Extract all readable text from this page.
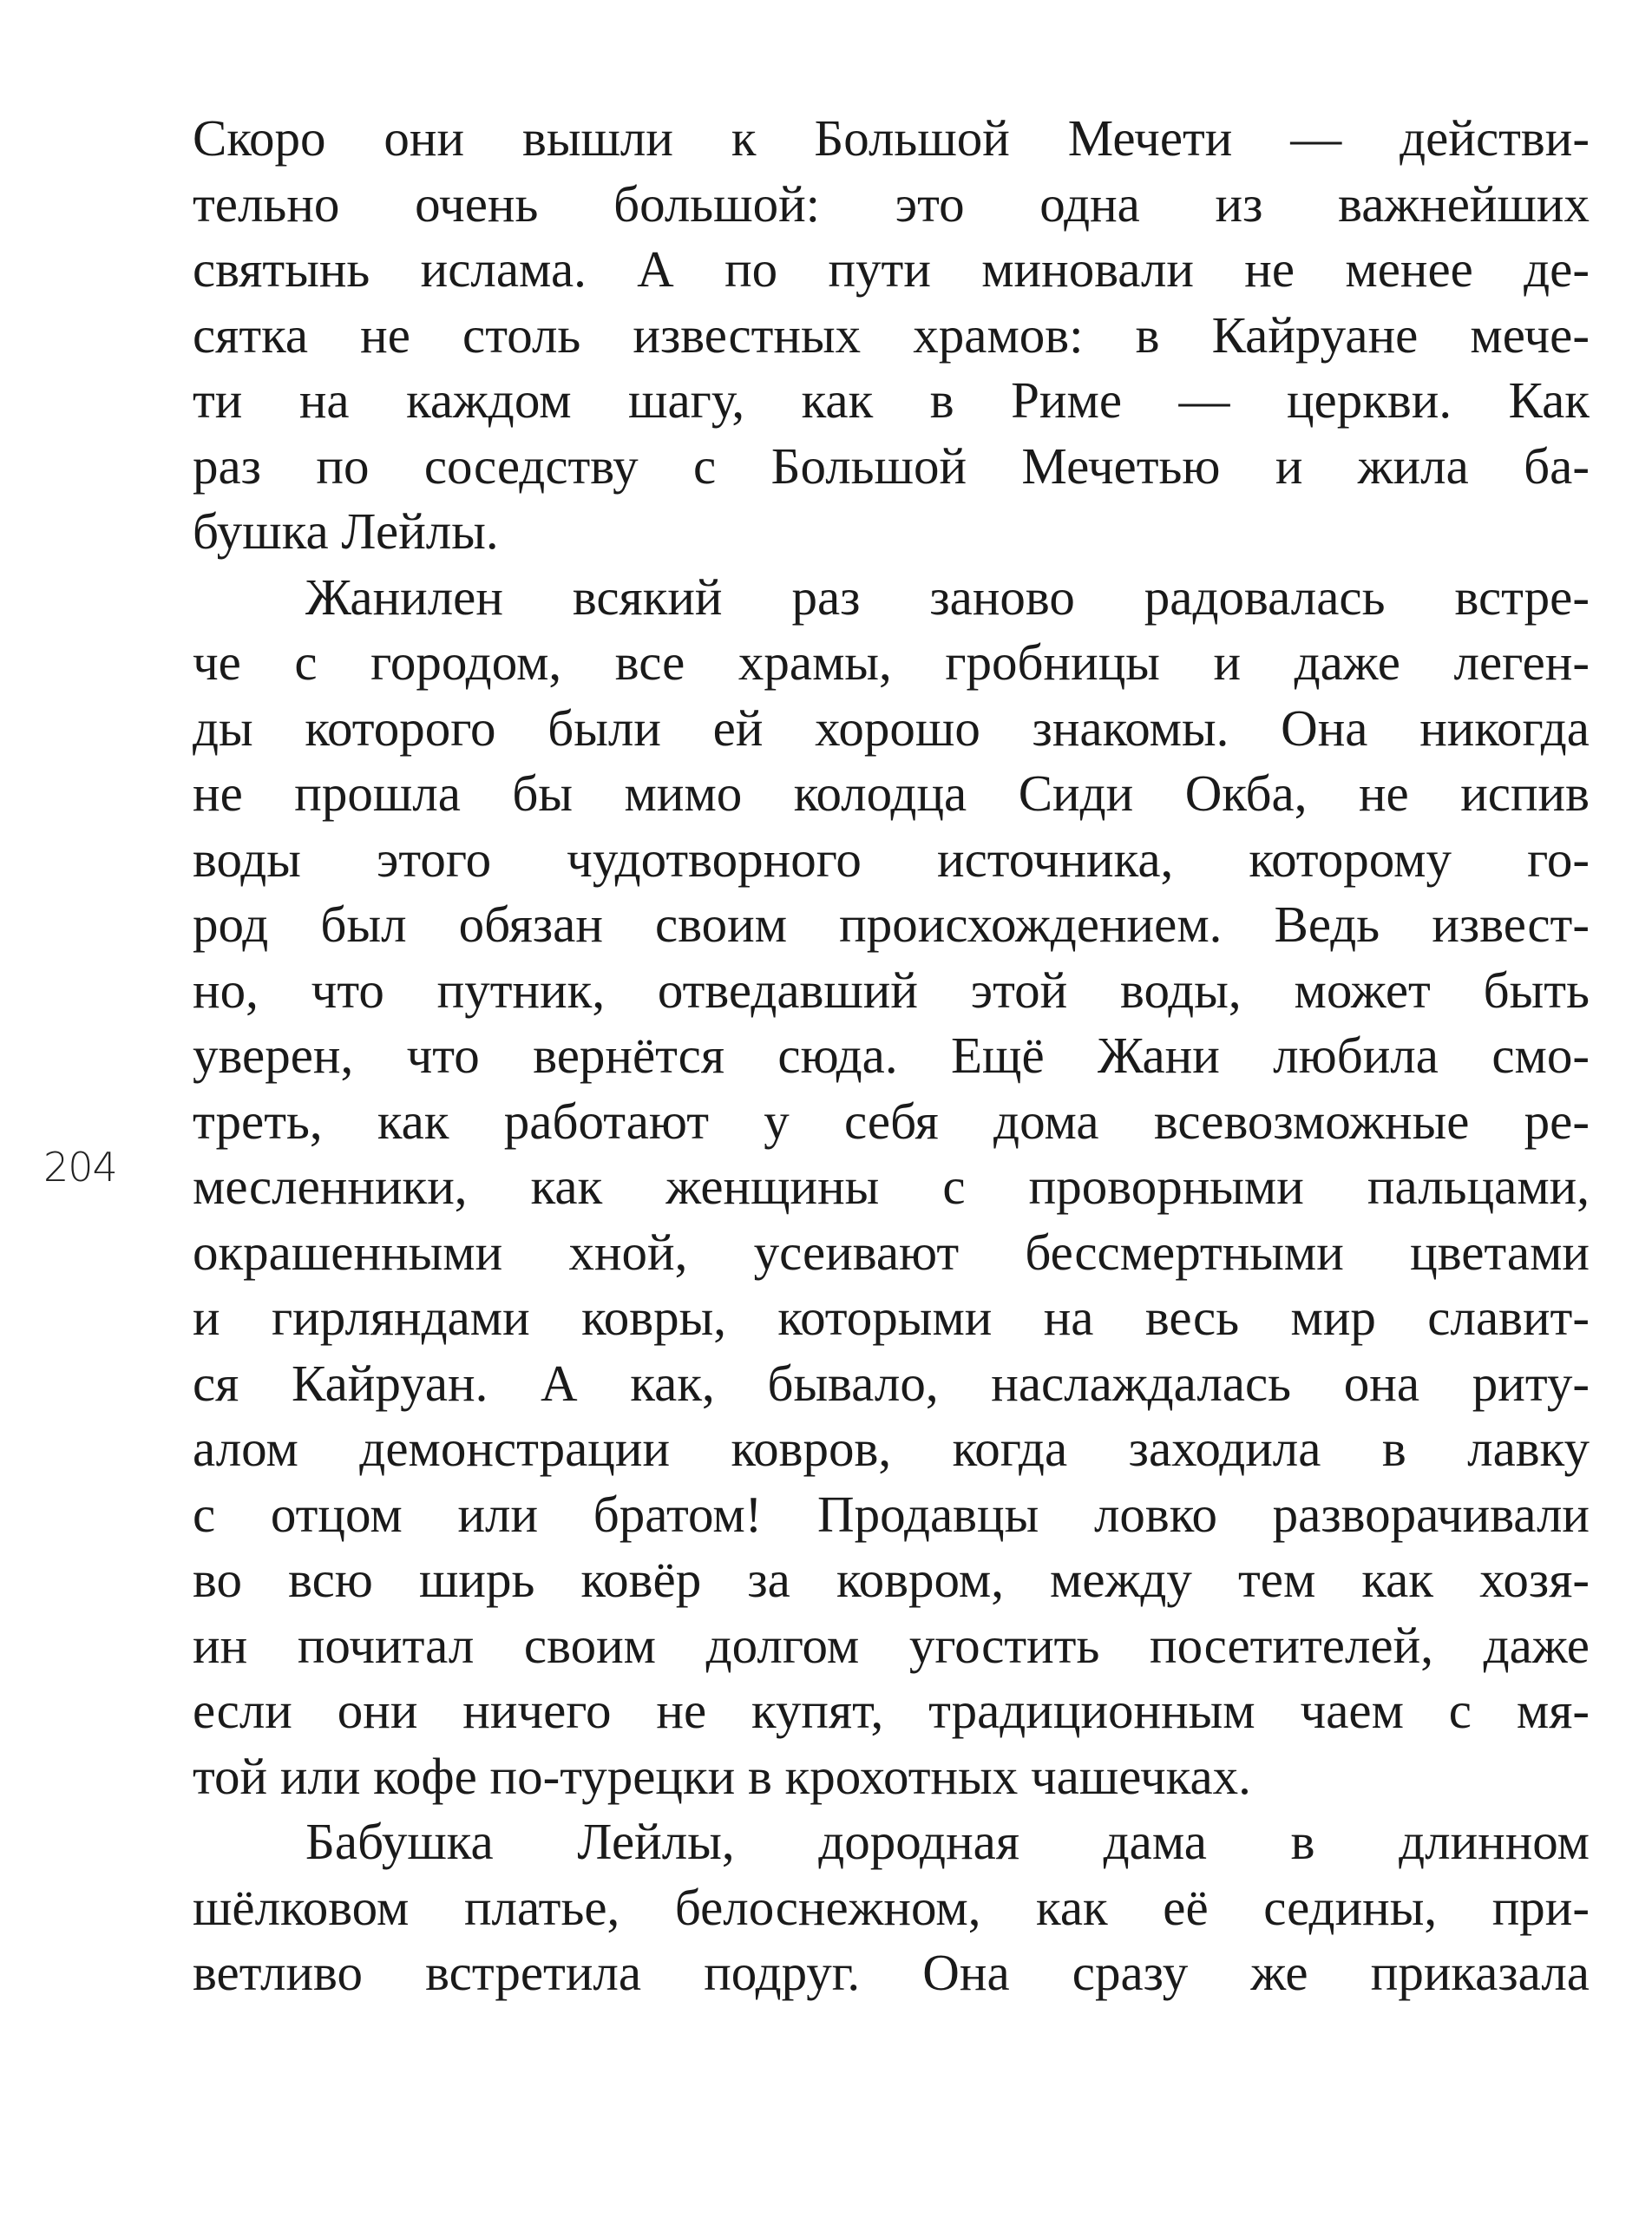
204
Скоро они вышли к Большой Мечети — действи-
тельно очень большой: это одна из важнейших
святынь ислама. А по пути миновали не менее де-
сятка не столь известных храмов: в Кайруане мече-
ти на каждом шагу, как в Риме — церкви. Как
раз по соседству с Большой Мечетью и жила ба-
бушка Лейлы.
Жанилен всякий раз заново радовалась встре-
че с городом, все храмы, гробницы и даже леген-
ды которого были ей хорошо знакомы. Она никогда
не прошла бы мимо колодца Сиди Окба, не испив
воды этого чудотворного источника, которому го-
род был обязан своим происхождением. Ведь извест-
но, что путник, отведавший этой воды, может быть
уверен, что вернётся сюда. Ещё Жани любила смо-
треть, как работают у себя дома всевозможные ре-
месленники, как женщины с проворными пальцами,
окрашенными хной, усеивают бессмертными цветами
и гирляндами ковры, которыми на весь мир славит-
ся Кайруан. А как, бывало, наслаждалась она риту-
алом демонстрации ковров, когда заходила в лавку
с отцом или братом! Продавцы ловко разворачивали
во всю ширь ковёр за ковром, между тем как хозя-
ин почитал своим долгом угостить посетителей, даже
если они ничего не купят, традиционным чаем с мя-
той или кофе по-турецки в крохотных чашечках.
Бабушка Лейлы, дородная дама в длинном
шёлковом платье, белоснежном, как её седины, при-
ветливо встретила подруг. Она сразу же приказала
